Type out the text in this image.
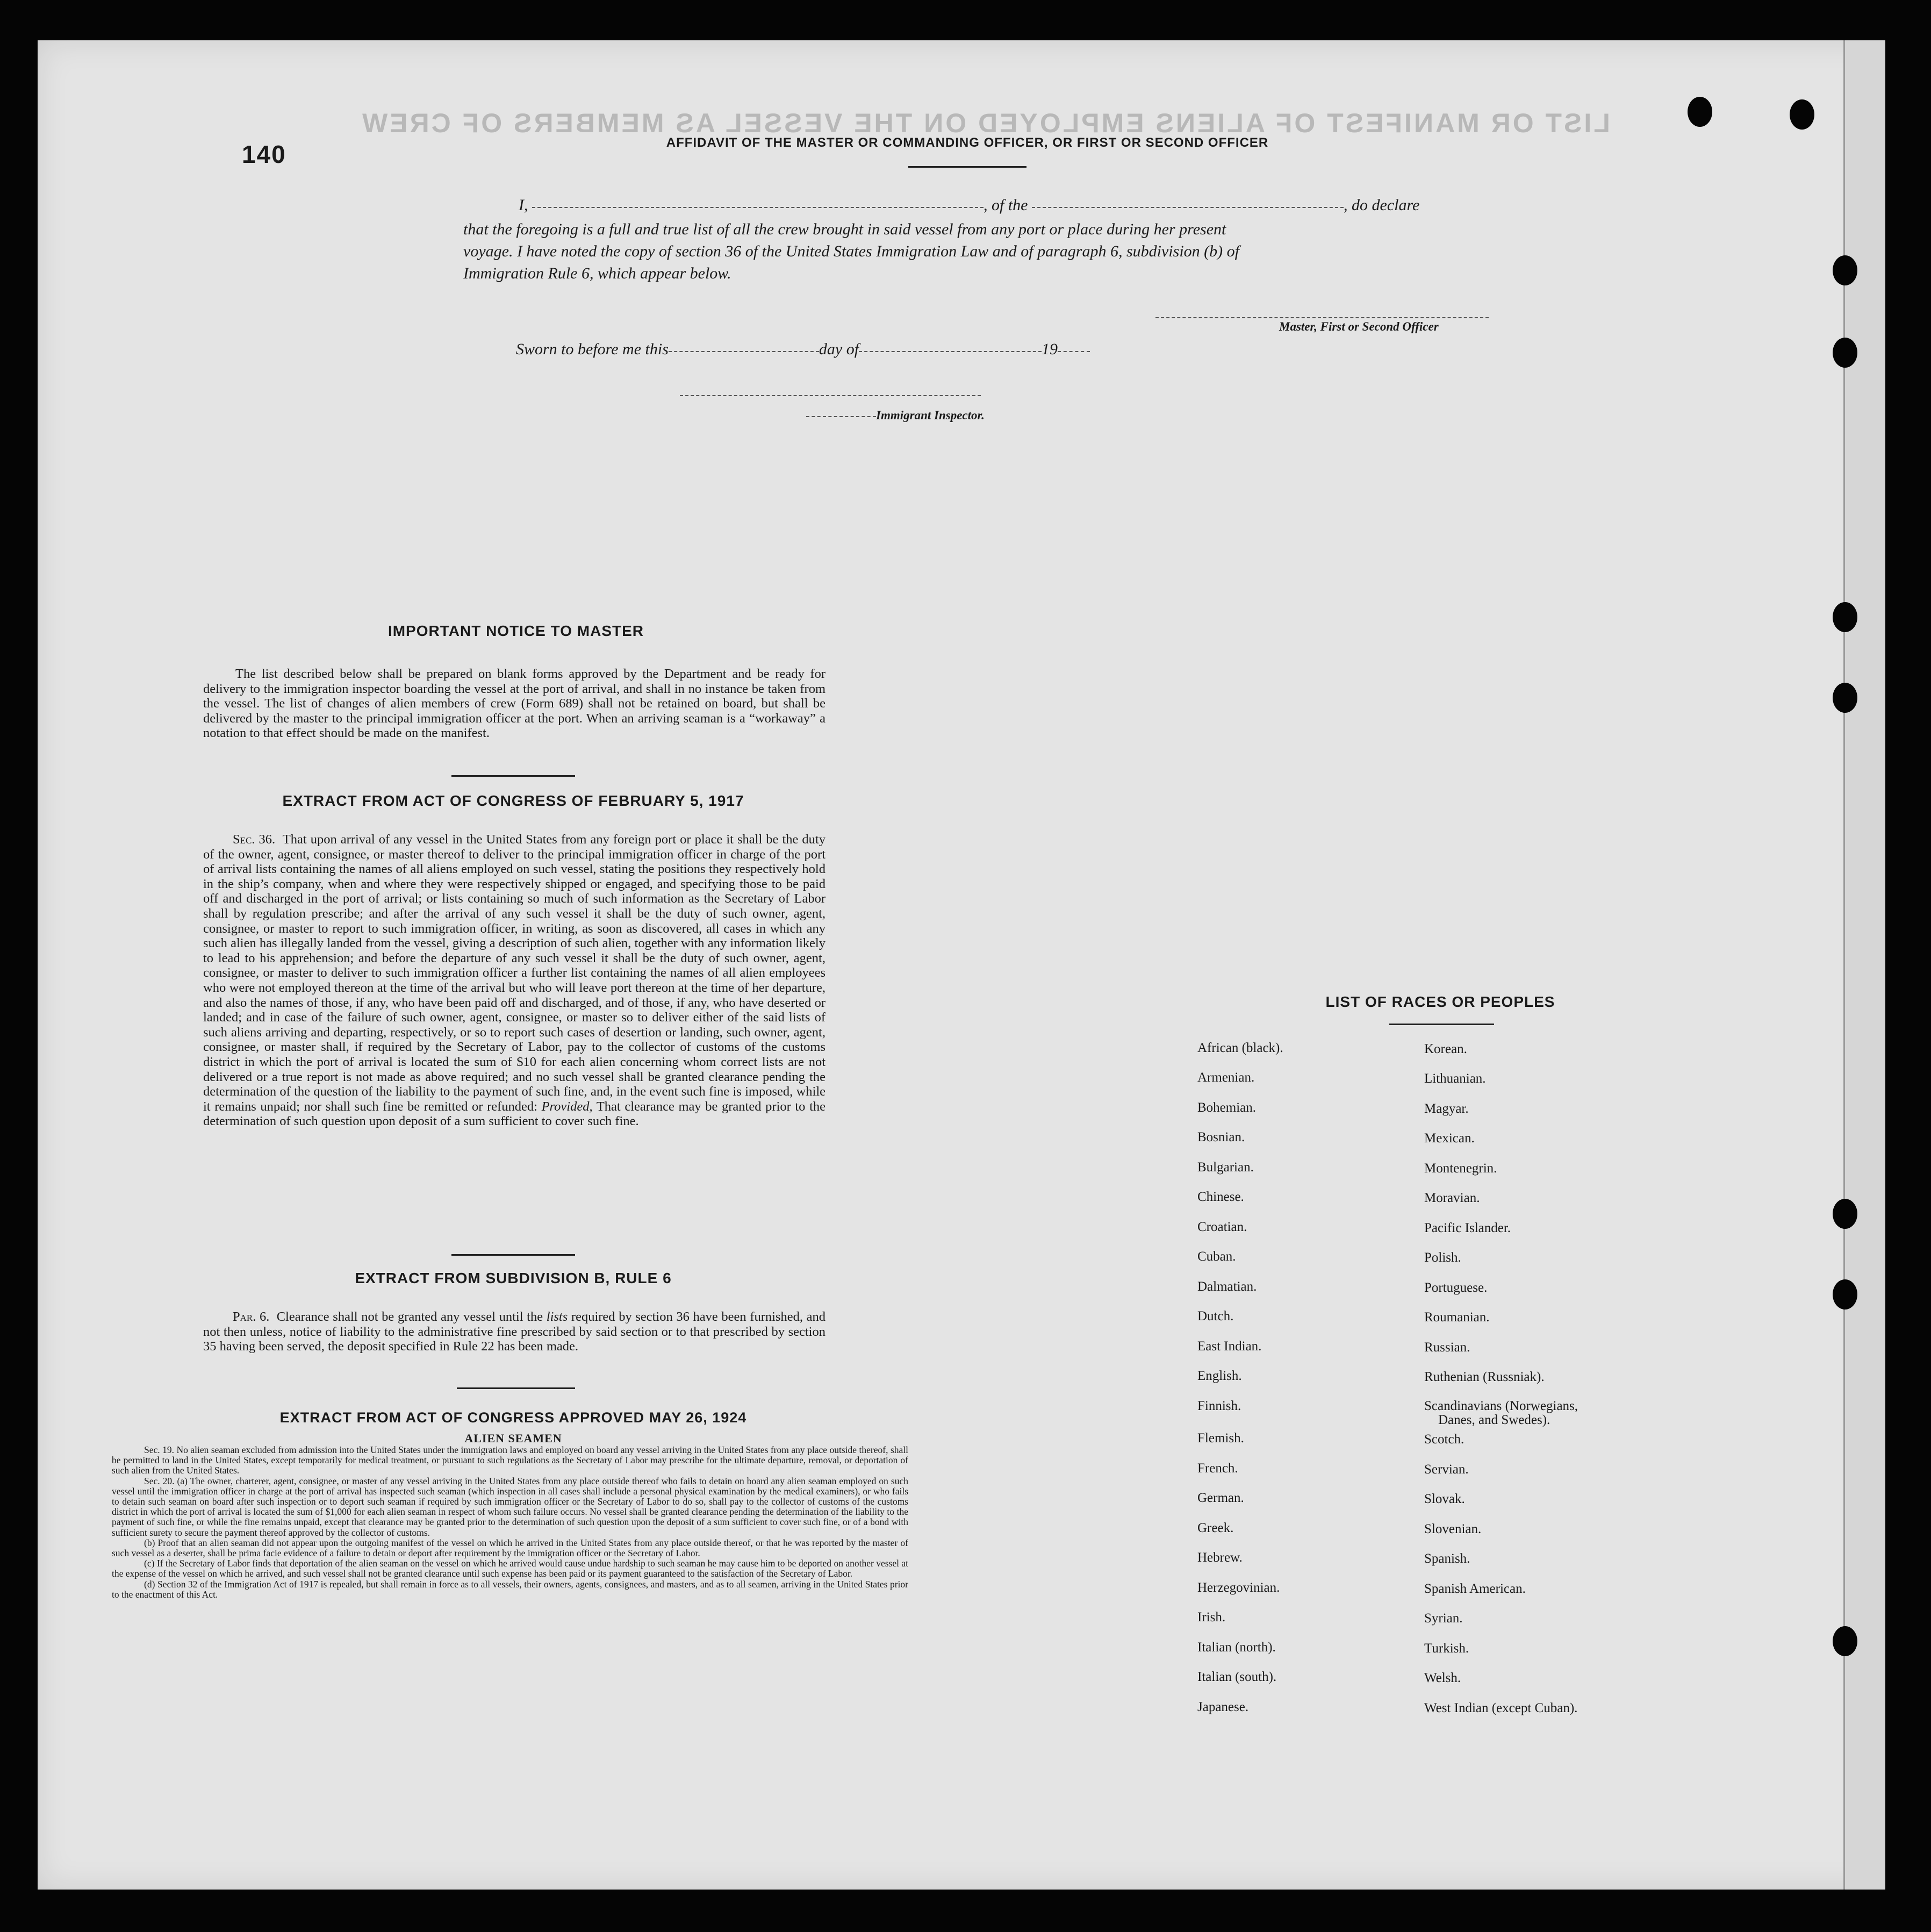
LIST OR MANIFEST OF ALIENS EMPLOYED ON THE VESSEL AS MEMBERS OF CREW
140	AFFIDAVIT OF THE MASTER OR COMMANDING OFFICER, OR FIRST OR SECOND OFFICER
I,	, of the	, do declare
that the foregoing is a full and true list of all the crew brought in said vessel from any port or place during her present
voyage. I have noted the copy of section 36 of the United States Immigration Law and of paragraph 6, subdivision (b) of
Immigration Rule 6, which appear below.
Master, First or Second Officer
Sworn to before me this	day of	19
Immigrant Inspector.
IMPORTANT NOTICE TO MASTER
The list described below shall be prepared on blank forms approved by the Department and be ready for delivery to the immigration inspector boarding the vessel at the port of arrival, and shall in no instance be taken from the vessel. The list of changes of alien members of crew (Form 689) shall not be retained on board, but shall be delivered by the master to the principal immigration officer at the port. When an arriving seaman is a “workaway” a notation to that effect should be made on the manifest.
EXTRACT FROM ACT OF CONGRESS OF FEBRUARY 5, 1917
Sec. 36. That upon arrival of any vessel in the United States from any foreign port or place it shall be the duty of the owner, agent, consignee, or master thereof to deliver to the principal immigration officer in charge of the port of arrival lists containing the names of all aliens employed on such vessel, stating the positions they respectively hold in the ship’s company, when and where they were respectively shipped or engaged, and specifying those to be paid off and discharged in the port of arrival; or lists containing so much of such information as the Secretary of Labor shall by regulation prescribe; and after the arrival of any such vessel it shall be the duty of such owner, agent, consignee, or master to report to such immigration officer, in writing, as soon as discovered, all cases in which any such alien has illegally landed from the vessel, giving a description of such alien, together with any information likely to lead to his apprehension; and before the departure of any such vessel it shall be the duty of such owner, agent, consignee, or master to deliver to such immigration officer a further list containing the names of all alien employees who were not employed thereon at the time of the arrival but who will leave port thereon at the time of her departure, and also the names of those, if any, who have been paid off and discharged, and of those, if any, who have deserted or landed; and in case of the failure of such owner, agent, consignee, or master so to deliver either of the said lists of such aliens arriving and departing, respectively, or so to report such cases of desertion or landing, such owner, agent, consignee, or master shall, if required by the Secretary of Labor, pay to the collector of customs of the customs district in which the port of arrival is located the sum of $10 for each alien concerning whom correct lists are not delivered or a true report is not made as above required; and no such vessel shall be granted clearance pending the determination of the question of the liability to the payment of such fine, and, in the event such fine is imposed, while it remains unpaid; nor shall such fine be remitted or refunded: Provided, That clearance may be granted prior to the determination of such question upon deposit of a sum sufficient to cover such fine.
EXTRACT FROM SUBDIVISION B, RULE 6
Par. 6. Clearance shall not be granted any vessel until the lists required by section 36 have been furnished, and not then unless, notice of liability to the administrative fine prescribed by said section or to that prescribed by section 35 having been served, the deposit specified in Rule 22 has been made.
EXTRACT FROM ACT OF CONGRESS APPROVED MAY 26, 1924
ALIEN SEAMEN
Sec. 19. No alien seaman excluded from admission into the United States under the immigration laws and employed on board any vessel arriving in the United States from any place outside thereof, shall be permitted to land in the United States, except temporarily for medical treatment, or pursuant to such regulations as the Secretary of Labor may prescribe for the ultimate departure, removal, or deportation of such alien from the United States.
Sec. 20. (a) The owner, charterer, agent, consignee, or master of any vessel arriving in the United States from any place outside thereof who fails to detain on board any alien seaman employed on such vessel until the immigration officer in charge at the port of arrival has inspected such seaman (which inspection in all cases shall include a personal physical examination by the medical examiners), or who fails to detain such seaman on board after such inspection or to deport such seaman if required by such immigration officer or the Secretary of Labor to do so, shall pay to the collector of customs of the customs district in which the port of arrival is located the sum of $1,000 for each alien seaman in respect of whom such failure occurs. No vessel shall be granted clearance pending the determination of the liability to the payment of such fine, or while the fine remains unpaid, except that clearance may be granted prior to the determination of such question upon the deposit of a sum sufficient to cover such fine, or of a bond with sufficient surety to secure the payment thereof approved by the collector of customs.
(b) Proof that an alien seaman did not appear upon the outgoing manifest of the vessel on which he arrived in the United States from any place outside thereof, or that he was reported by the master of such vessel as a deserter, shall be prima facie evidence of a failure to detain or deport after requirement by the immigration officer or the Secretary of Labor.
(c) If the Secretary of Labor finds that deportation of the alien seaman on the vessel on which he arrived would cause undue hardship to such seaman he may cause him to be deported on another vessel at the expense of the vessel on which he arrived, and such vessel shall not be granted clearance until such expense has been paid or its payment guaranteed to the satisfaction of the Secretary of Labor.
(d) Section 32 of the Immigration Act of 1917 is repealed, but shall remain in force as to all vessels, their owners, agents, consignees, and masters, and as to all seamen, arriving in the United States prior to the enactment of this Act.
LIST OF RACES OR PEOPLES
African (black).
Armenian.
Bohemian.
Bosnian.
Bulgarian.
Chinese.
Croatian.
Cuban.
Dalmatian.
Dutch.
East Indian.
English.
Finnish.
Flemish.
French.
German.
Greek.
Hebrew.
Herzegovinian.
Irish.
Italian (north).
Italian (south).
Japanese.
Korean.
Lithuanian.
Magyar.
Mexican.
Montenegrin.
Moravian.
Pacific Islander.
Polish.
Portuguese.
Roumanian.
Russian.
Ruthenian (Russniak).
Scandinavians (Norwegians,
Danes, and Swedes).
Scotch.
Servian.
Slovak.
Slovenian.
Spanish.
Spanish American.
Syrian.
Turkish.
Welsh.
West Indian (except Cuban).
